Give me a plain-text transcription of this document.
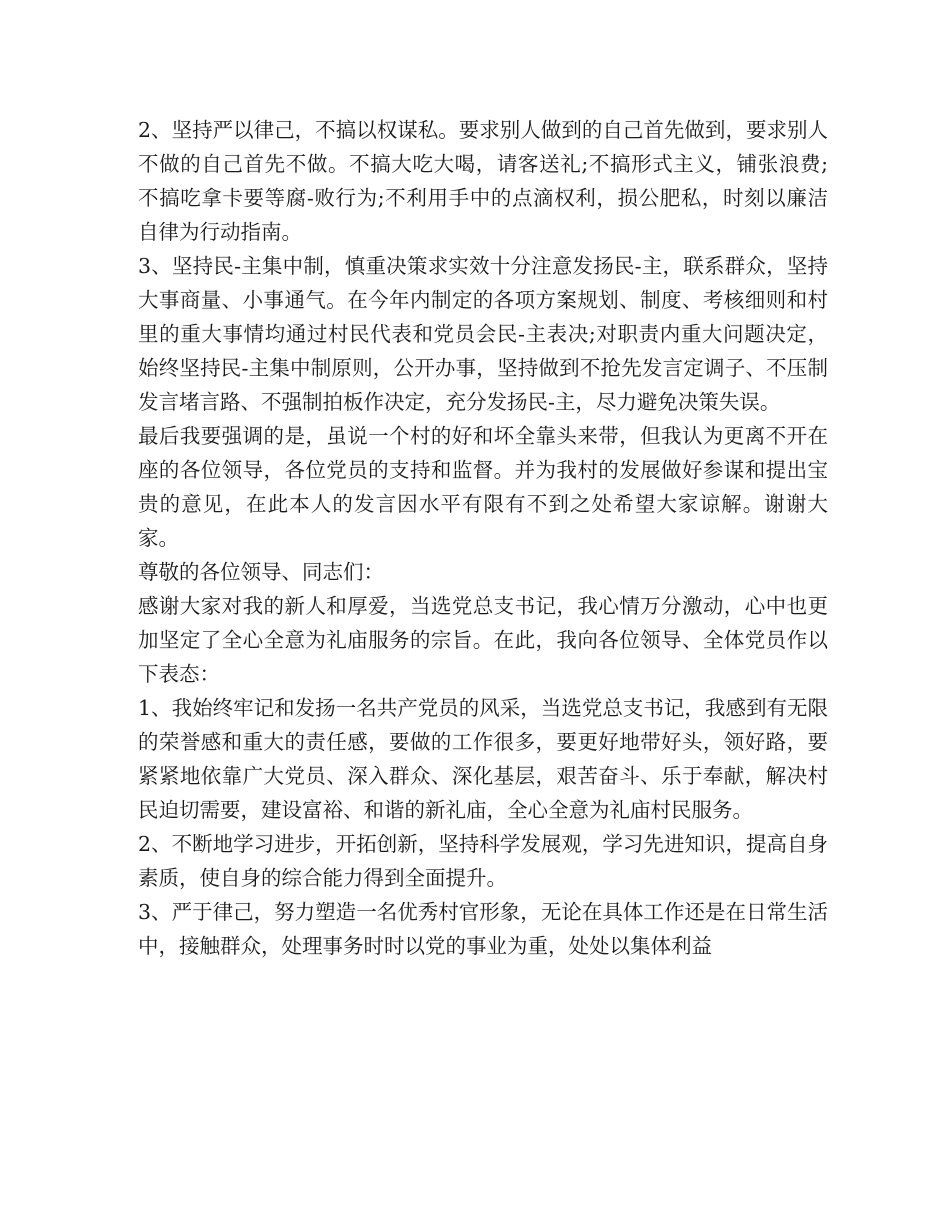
2、坚持严以律己，不搞以权谋私。要求别人做到的自己首先做到，要求别人不做的自己首先不做。不搞大吃大喝，请客送礼;不搞形式主义，铺张浪费;不搞吃拿卡要等腐-败行为;不利用手中的点滴权利，损公肥私，时刻以廉洁自律为行动指南。

3、坚持民-主集中制，慎重决策求实效十分注意发扬民-主，联系群众，坚持大事商量、小事通气。在今年内制定的各项方案规划、制度、考核细则和村里的重大事情均通过村民代表和党员会民-主表决;对职责内重大问题决定，始终坚持民-主集中制原则，公开办事，坚持做到不抢先发言定调子、不压制发言堵言路、不强制拍板作决定，充分发扬民-主，尽力避免决策失误。

最后我要强调的是，虽说一个村的好和坏全靠头来带，但我认为更离不开在座的各位领导，各位党员的支持和监督。并为我村的发展做好参谋和提出宝贵的意见，在此本人的发言因水平有限有不到之处希望大家谅解。谢谢大家。

尊敬的各位领导、同志们：

感谢大家对我的新人和厚爱，当选党总支书记，我心情万分激动，心中也更加坚定了全心全意为礼庙服务的宗旨。在此，我向各位领导、全体党员作以下表态：

1、我始终牢记和发扬一名共产党员的风采，当选党总支书记，我感到有无限的荣誉感和重大的责任感，要做的工作很多，要更好地带好头，领好路，要紧紧地依靠广大党员、深入群众、深化基层，艰苦奋斗、乐于奉献，解决村民迫切需要，建设富裕、和谐的新礼庙，全心全意为礼庙村民服务。

2、不断地学习进步，开拓创新，坚持科学发展观，学习先进知识，提高自身素质，使自身的综合能力得到全面提升。

3、严于律己，努力塑造一名优秀村官形象，无论在具体工作还是在日常生活中，接触群众，处理事务时时以党的事业为重，处处以集体利益
